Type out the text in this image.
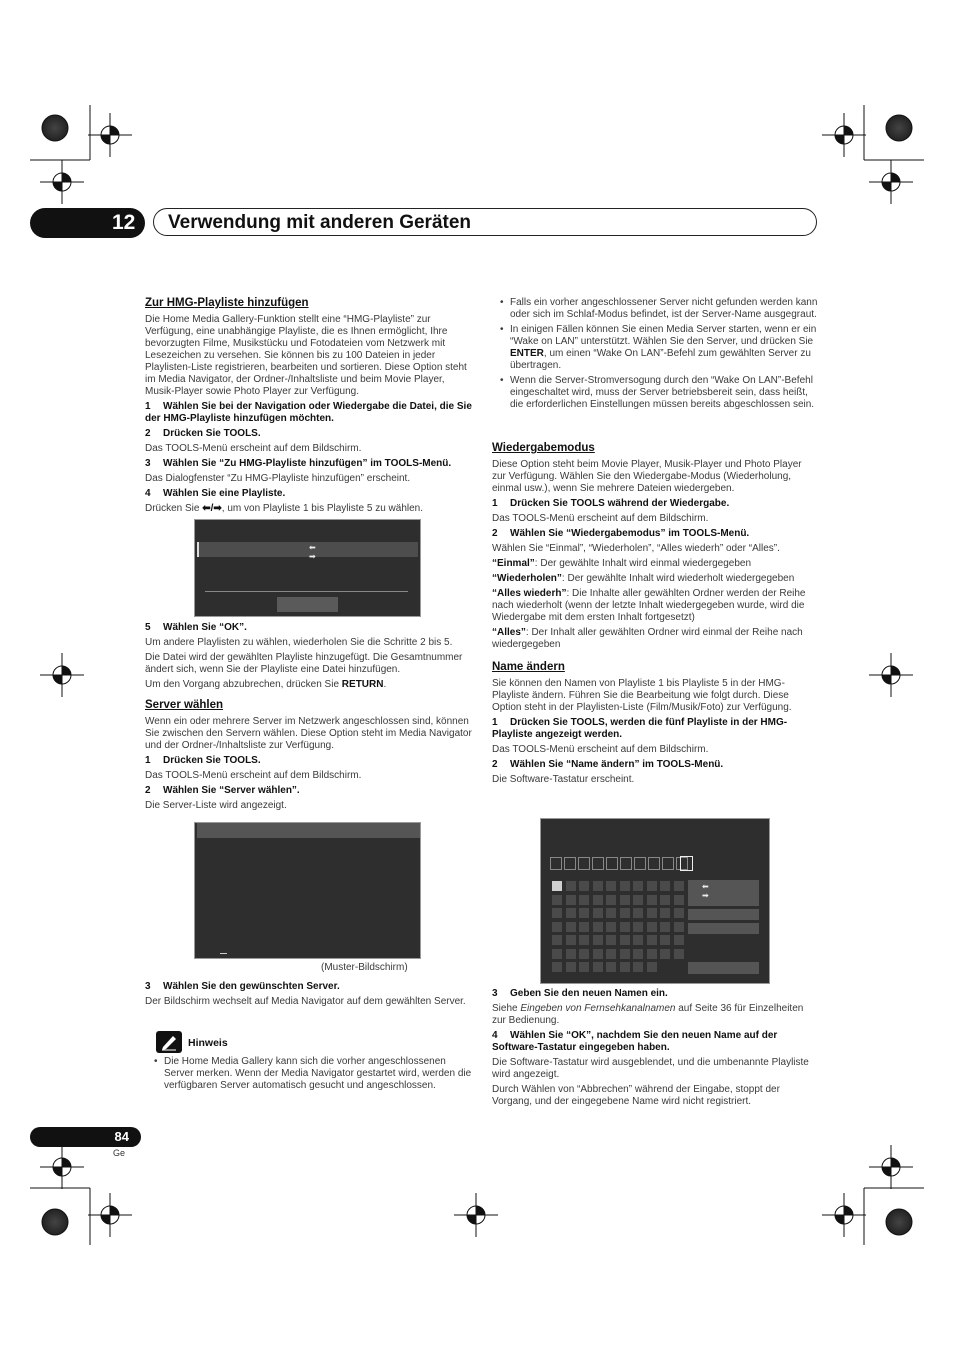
12	Verwendung mit anderen Geräten
Zur HMG-Playliste hinzufügen

Die Home Media Gallery-Funktion stellt eine “HMG-Playliste” zur Verfügung, eine unabhängige Playliste, die es Ihnen ermöglicht, Ihre bevorzugten Filme, Musikstücku und Fotodateien vom Netzwerk mit Lesezeichen zu versehen. Sie können bis zu 100 Dateien in jeder Playlisten-Liste registrieren, bearbeiten und sortieren. Diese Option steht im Media Navigator, der Ordner-/Inhaltsliste und beim Movie Player, Musik-Player sowie Photo Player zur Verfügung.

1 Wählen Sie bei der Navigation oder Wiedergabe die Datei, die Sie der HMG-Playliste hinzufügen möchten.

2 Drücken Sie TOOLS.

Das TOOLS-Menü erscheint auf dem Bildschirm.

3 Wählen Sie “Zu HMG-Playliste hinzufügen” im TOOLS-Menü.

Das Dialogfenster “Zu HMG-Playliste hinzufügen” erscheint.

4 Wählen Sie eine Playliste.

Drücken Sie ⬅/➡, um von Playliste 1 bis Playliste 5 zu wählen.

⬅ ➡

5 Wählen Sie “OK”.

Um andere Playlisten zu wählen, wiederholen Sie die Schritte 2 bis 5.

Die Datei wird der gewählten Playliste hinzugefügt. Die Gesamtnummer ändert sich, wenn Sie der Playliste eine Datei hinzufügen.

Um den Vorgang abzubrechen, drücken Sie RETURN.

Server wählen

Wenn ein oder mehrere Server im Netzwerk angeschlossen sind, können Sie zwischen den Servern wählen. Diese Option steht im Media Navigator und der Ordner-/Inhaltsliste zur Verfügung.

1 Drücken Sie TOOLS.

Das TOOLS-Menü erscheint auf dem Bildschirm.

2 Wählen Sie “Server wählen”.

Die Server-Liste wird angezeigt.

(Muster-Bildschirm)

3 Wählen Sie den gewünschten Server.

Der Bildschirm wechselt auf Media Navigator auf dem gewählten Server.

Hinweis

• Die Home Media Gallery kann sich die vorher angeschlossenen Server merken. Wenn der Media Navigator gestartet wird, werden die verfügbaren Server automatisch gesucht und angeschlossen.

• Falls ein vorher angeschlossener Server nicht gefunden werden kann oder sich im Schlaf-Modus befindet, ist der Server-Name ausgegraut.

• In einigen Fällen können Sie einen Media Server starten, wenn er ein “Wake on LAN” unterstützt. Wählen Sie den Server, und drücken Sie ENTER, um einen “Wake On LAN”-Befehl zum gewählten Server zu übertragen.

• Wenn die Server-Stromversogung durch den “Wake On LAN”-Befehl eingeschaltet wird, muss der Server betriebsbereit sein, dass heißt, die erforderlichen Einstellungen müssen bereits abgeschlossen sein.

Wiedergabemodus

Diese Option steht beim Movie Player, Musik-Player und Photo Player zur Verfügung. Wählen Sie den Wiedergabe-Modus (Wiederholung, einmal usw.), wenn Sie mehrere Dateien wiedergeben.

1 Drücken Sie TOOLS während der Wiedergabe.

Das TOOLS-Menü erscheint auf dem Bildschirm.

2 Wählen Sie “Wiedergabemodus” im TOOLS-Menü.

Wählen Sie “Einmal”, “Wiederholen”, “Alles wiederh” oder “Alles”.

“Einmal”: Der gewählte Inhalt wird einmal wiedergegeben

“Wiederholen”: Der gewählte Inhalt wird wiederholt wiedergegeben

“Alles wiederh”: Die Inhalte aller gewählten Ordner werden der Reihe nach wiederholt (wenn der letzte Inhalt wiedergegeben wurde, wird die Wiedergabe mit dem ersten Inhalt fortgesetzt)

“Alles”: Der Inhalt aller gewählten Ordner wird einmal der Reihe nach wiedergegeben

Name ändern

Sie können den Namen von Playliste 1 bis Playliste 5 in der HMG-Playliste ändern. Führen Sie die Bearbeitung wie folgt durch. Diese Option steht in der Playlisten-Liste (Film/Musik/Foto) zur Verfügung.

1 Drücken Sie TOOLS, werden die fünf Playliste in der HMG-Playliste angezeigt werden.

Das TOOLS-Menü erscheint auf dem Bildschirm.

2 Wählen Sie “Name ändern” im TOOLS-Menü.

Die Software-Tastatur erscheint.

⬅ ➡

3 Geben Sie den neuen Namen ein.

Siehe Eingeben von Fernsehkanalnamen auf Seite 36 für Einzelheiten zur Bedienung.

4 Wählen Sie “OK”, nachdem Sie den neuen Name auf der Software-Tastatur eingegeben haben.

Die Software-Tastatur wird ausgeblendet, und die umbenannte Playliste wird angezeigt.

Durch Wählen von “Abbrechen” während der Eingabe, stoppt der Vorgang, und der eingegebene Name wird nicht registriert.

84
Ge
